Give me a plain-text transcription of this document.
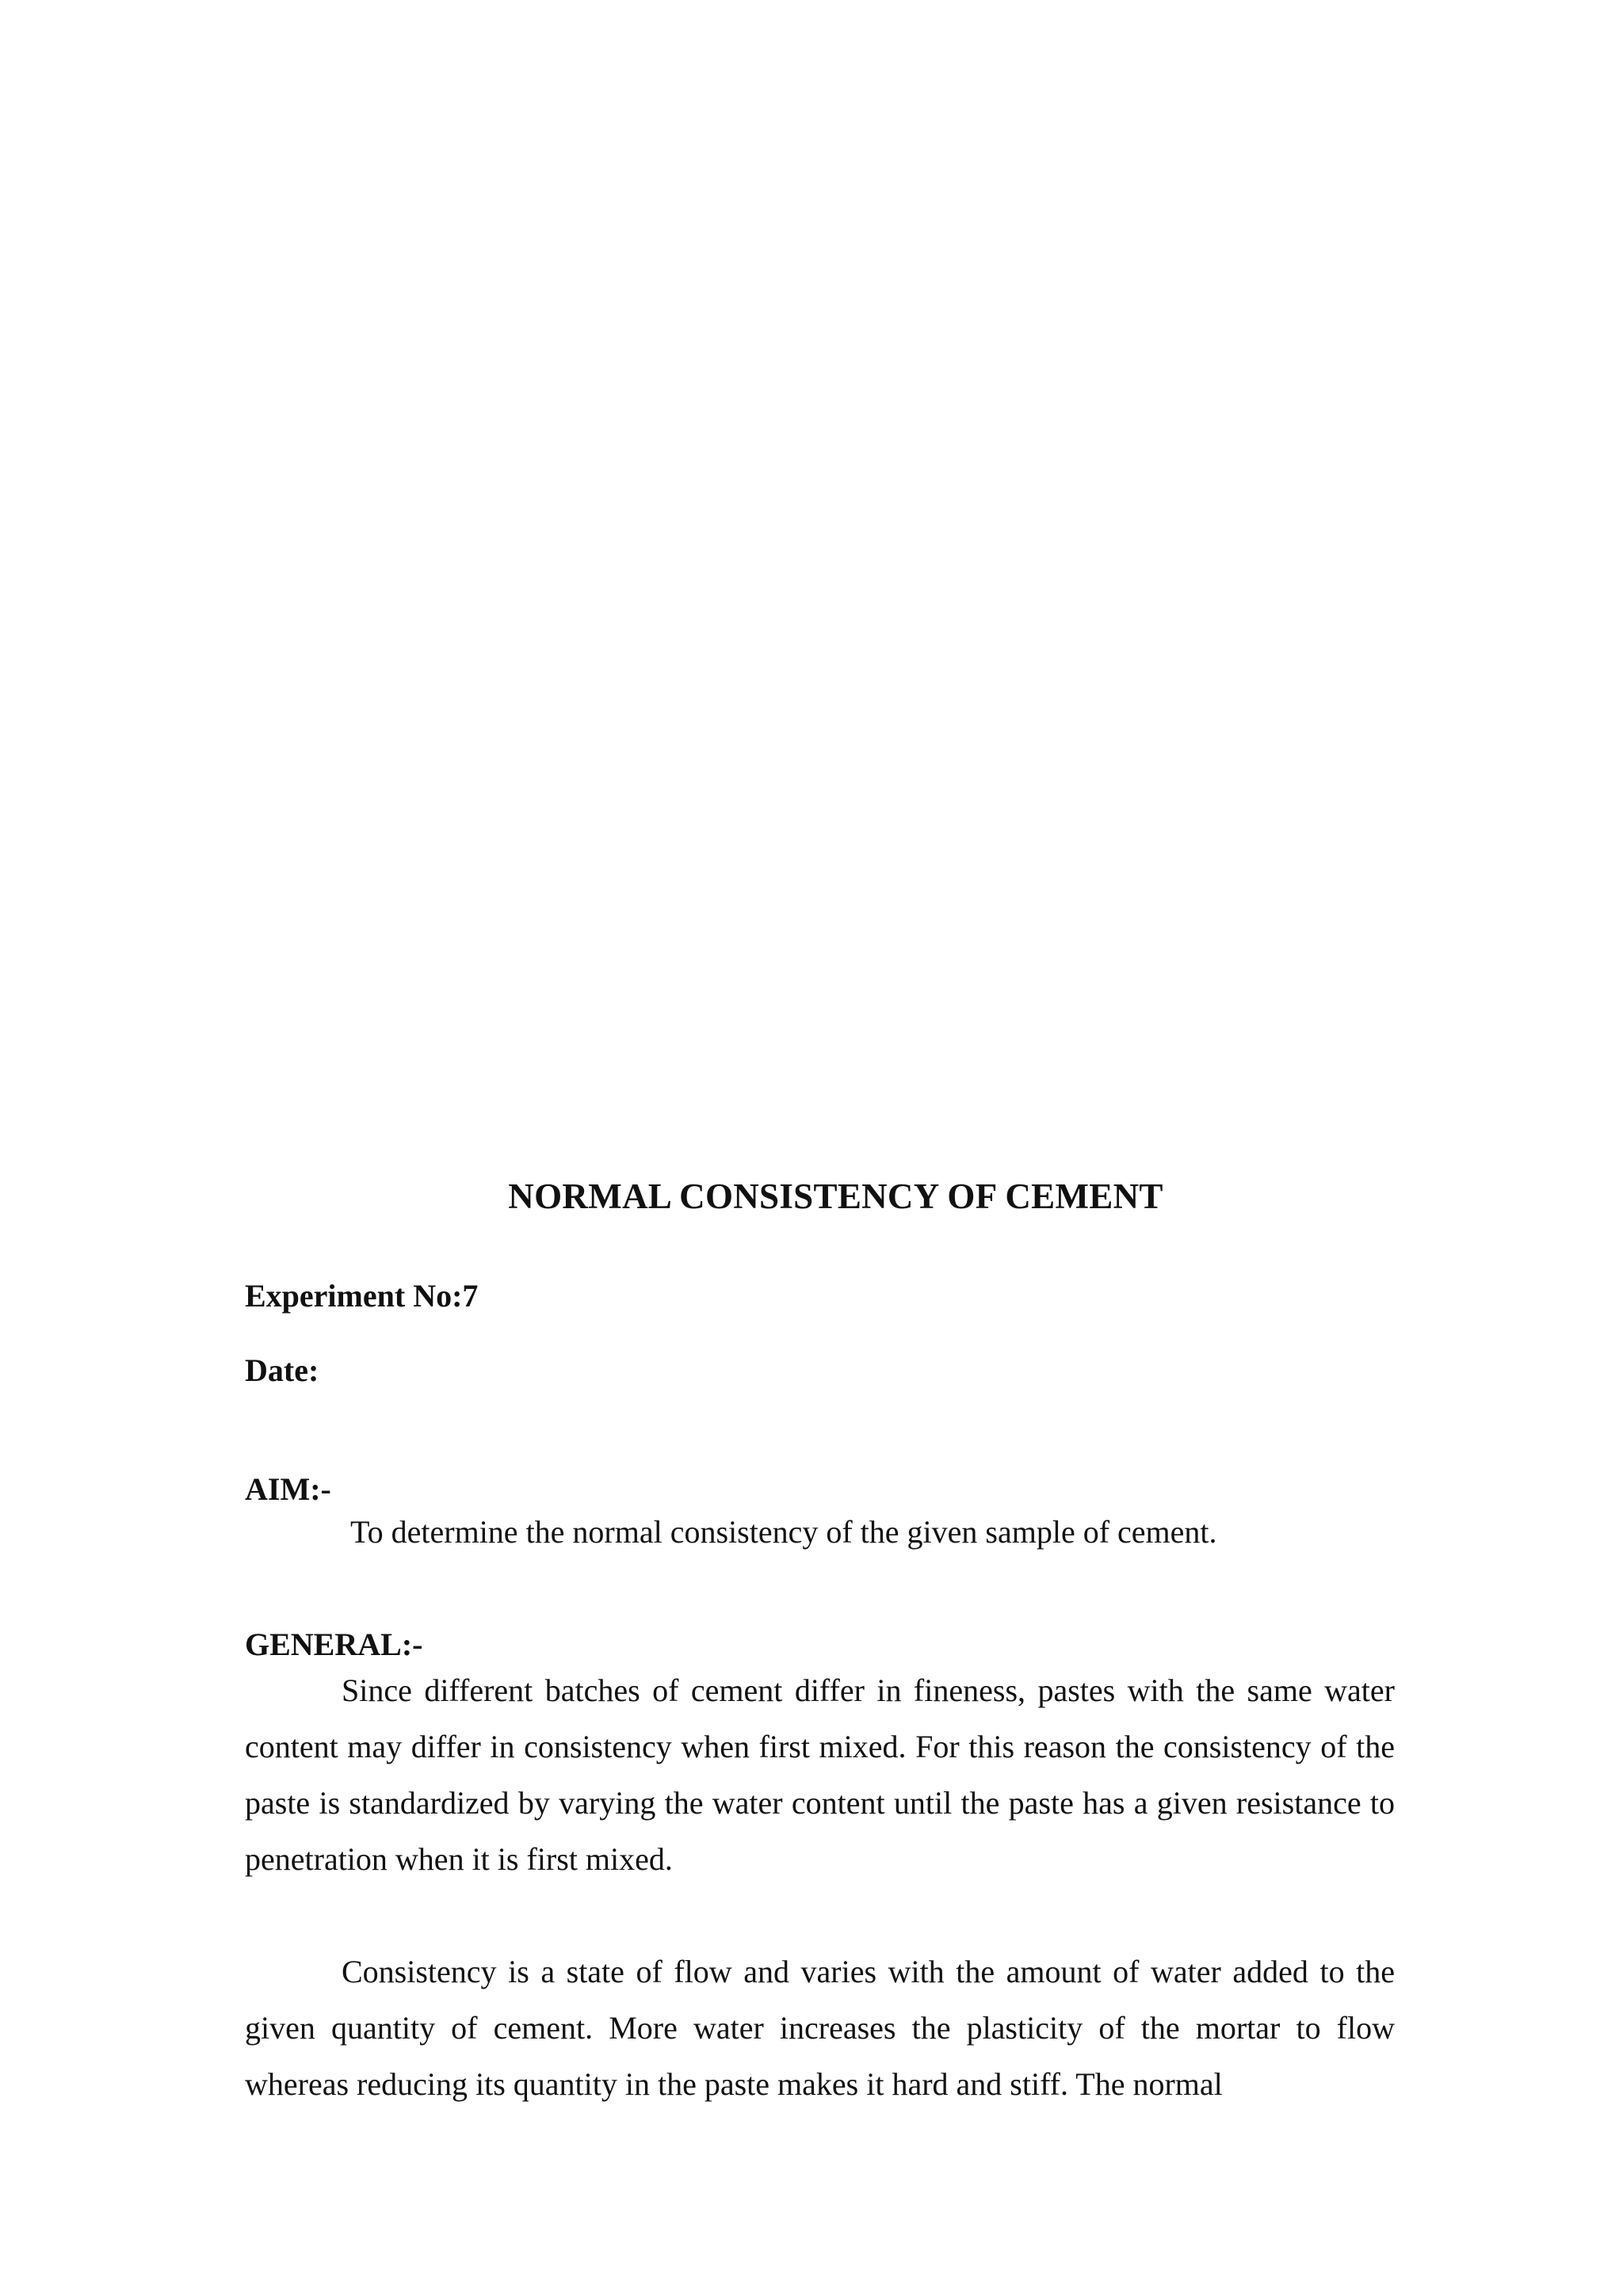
NORMAL CONSISTENCY OF CEMENT

Experiment No:7

Date:

AIM:-

To determine the normal consistency of the given sample of cement.

GENERAL:-

Since different batches of cement differ in fineness, pastes with the same water content may differ in consistency when first mixed. For this reason the consistency of the paste is standardized by varying the water content until the paste has a given resistance to penetration when it is first mixed.

Consistency is a state of flow and varies with the amount of water added to the given quantity of cement. More water increases the plasticity of the mortar to flow whereas reducing its quantity in the paste makes it hard and stiff. The normal
